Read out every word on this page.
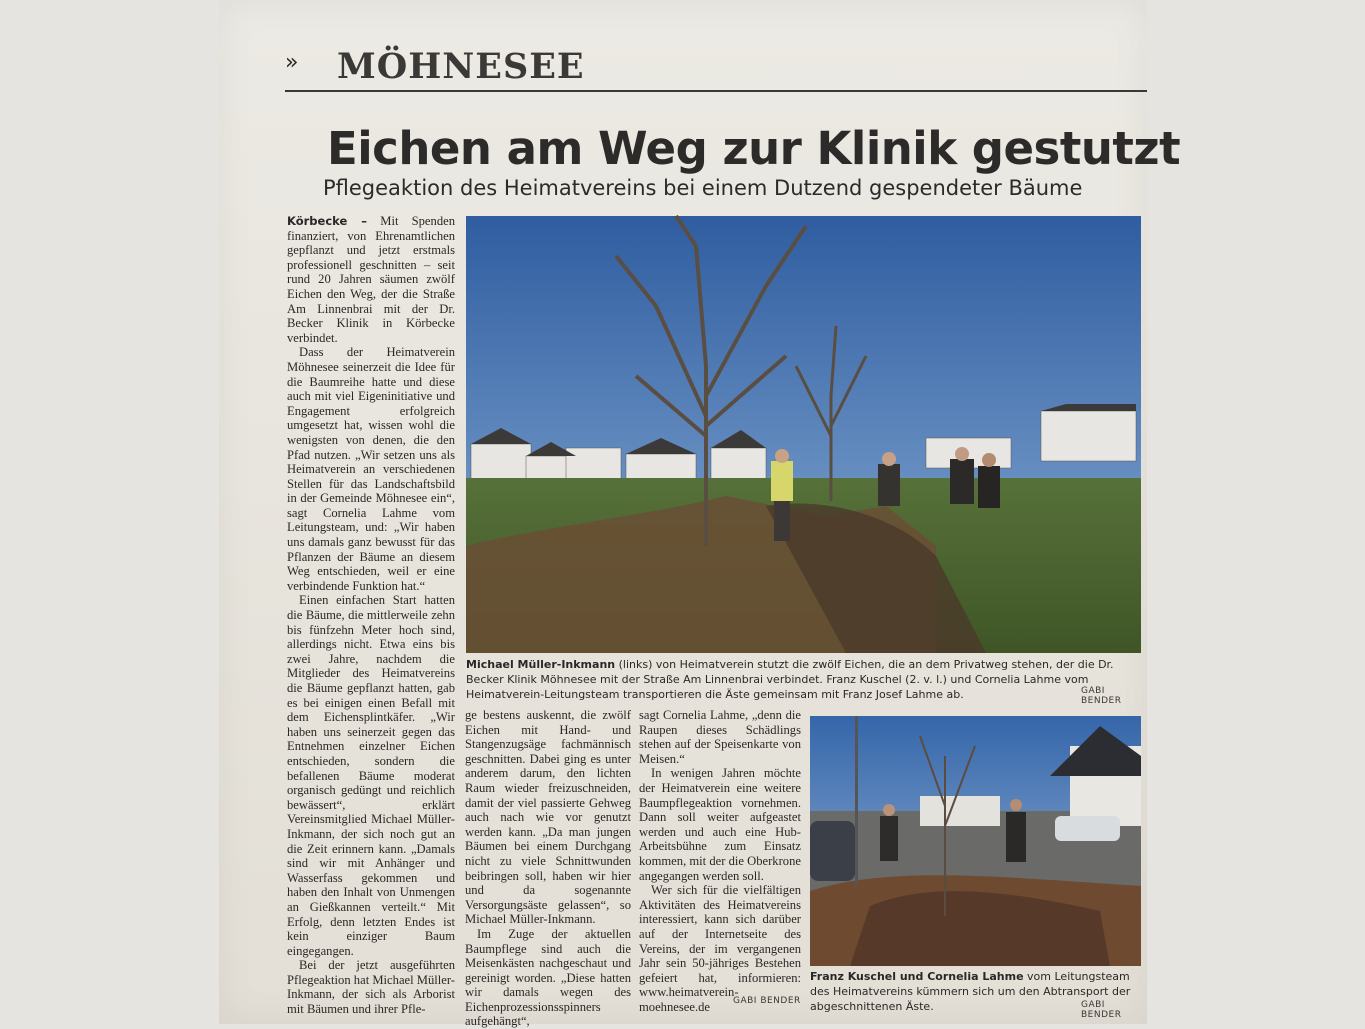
» MÖHNESEE
Eichen am Weg zur Klinik gestutzt
Pflegeaktion des Heimatvereins bei einem Dutzend gespendeter Bäume

Körbecke – Mit Spenden finanziert, von Ehrenamtlichen gepflanzt und jetzt erstmals professionell geschnitten – seit rund 20 Jahren säumen zwölf Eichen den Weg, der die Straße Am Linnenbrai mit der Dr. Becker Klinik in Körbecke verbindet.

Dass der Heimatverein Möhnesee seinerzeit die Idee für die Baumreihe hatte und diese auch mit viel Eigeninitiative und Engagement erfolgreich umgesetzt hat, wissen wohl die wenigsten von denen, die den Pfad nutzen. „Wir setzen uns als Heimatverein an verschiedenen Stellen für das Landschaftsbild in der Gemeinde Möhnesee ein“, sagt Cornelia Lahme vom Leitungsteam, und: „Wir haben uns damals ganz bewusst für das Pflanzen der Bäume an diesem Weg entschieden, weil er eine verbindende Funktion hat.“

Einen einfachen Start hatten die Bäume, die mittlerweile zehn bis fünfzehn Meter hoch sind, allerdings nicht. Etwa eins bis zwei Jahre, nachdem die Mitglieder des Heimatvereins die Bäume gepflanzt hatten, gab es bei einigen einen Befall mit dem Eichensplintkäfer. „Wir haben uns seinerzeit gegen das Entnehmen einzelner Eichen entschieden, sondern die befallenen Bäume moderat organisch gedüngt und reichlich bewässert“, erklärt Vereinsmitglied Michael Müller-Inkmann, der sich noch gut an die Zeit erinnern kann. „Damals sind wir mit Anhänger und Wasserfass gekommen und haben den Inhalt von Unmengen an Gießkannen verteilt.“ Mit Erfolg, denn letzten Endes ist kein einziger Baum eingegangen.

Bei der jetzt ausgeführten Pflegeaktion hat Michael Müller-Inkmann, der sich als Arborist mit Bäumen und ihrer Pfle-

Michael Müller-Inkmann (links) von Heimatverein stutzt die zwölf Eichen, die an dem Privatweg stehen, der die Dr. Becker Klinik Möhnesee mit der Straße Am Linnenbrai verbindet. Franz Kuschel (2. v. l.) und Cornelia Lahme vom Heimatverein-Leitungsteam transportieren die Äste gemeinsam mit Franz Josef Lahme ab.	GABI BENDER

ge bestens auskennt, die zwölf Eichen mit Hand- und Stangenzugsäge fachmännisch geschnitten. Dabei ging es unter anderem darum, den lichten Raum wieder freizuschneiden, damit der viel passierte Gehweg auch nach wie vor genutzt werden kann. „Da man jungen Bäumen bei einem Durchgang nicht zu viele Schnittwunden beibringen soll, haben wir hier und da sogenannte Versorgungsäste gelassen“, so Michael Müller-Inkmann.

Im Zuge der aktuellen Baumpflege sind auch die Meisenkästen nachgeschaut und gereinigt worden. „Diese hatten wir damals wegen des Eichenprozessionsspinners aufgehängt“,

sagt Cornelia Lahme, „denn die Raupen dieses Schädlings stehen auf der Speisenkarte von Meisen.“

In wenigen Jahren möchte der Heimatverein eine weitere Baumpflegeaktion vornehmen. Dann soll weiter aufgeastet werden und auch eine Hub-Arbeitsbühne zum Einsatz kommen, mit der die Oberkrone angegangen werden soll.

Wer sich für die vielfältigen Aktivitäten des Heimatvereins interessiert, kann sich darüber auf der Internetseite des Vereins, der im vergangenen Jahr sein 50-jähriges Bestehen gefeiert hat, informieren: www.heimatverein-moehnesee.de	GABI BENDER
Franz Kuschel und Cornelia Lahme vom Leitungsteam des Heimatvereins kümmern sich um den Abtransport der abgeschnittenen Äste.	GABI BENDER
